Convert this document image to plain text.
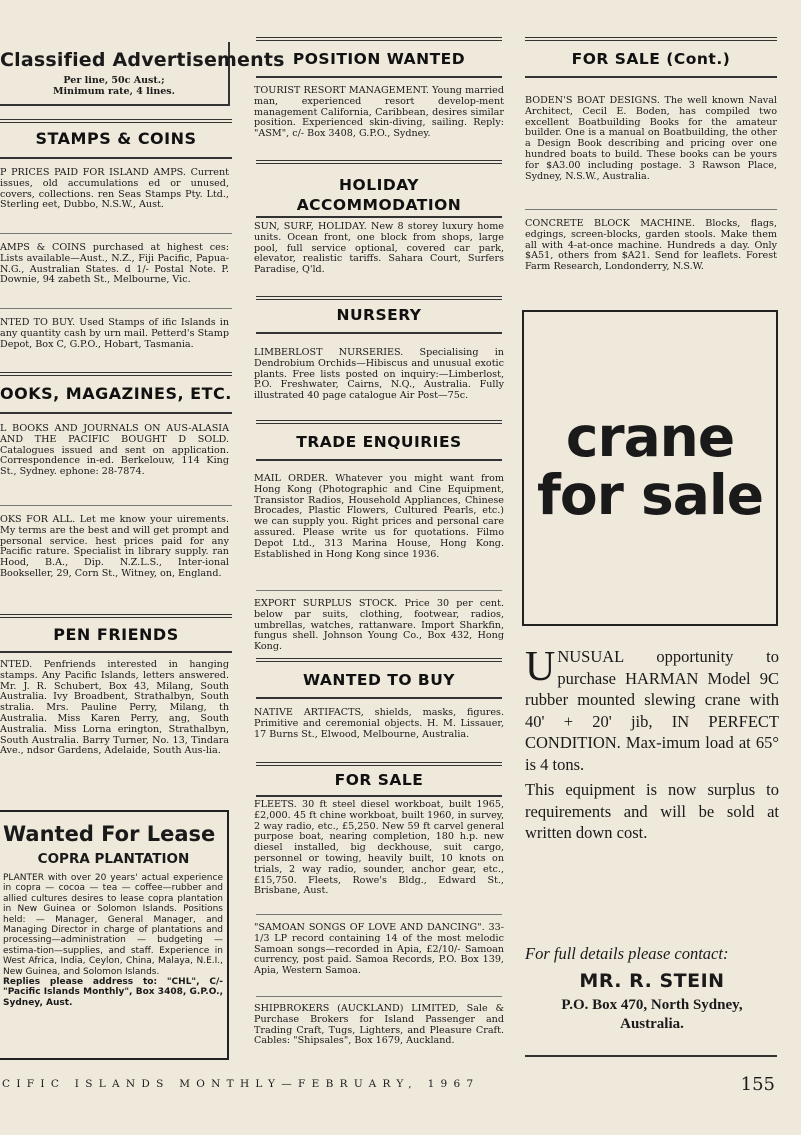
Classified Advertisements
Per line, 50c Aust.; Minimum rate, 4 lines.
STAMPS & COINS

P PRICES PAID FOR ISLAND AMPS. Current issues, old accumulations ed or unused, covers, collections. ren Seas Stamps Pty. Ltd., Sterling eet, Dubbo, N.S.W., Aust.

AMPS & COINS purchased at highest ces: Lists available—Aust., N.Z., Fiji Pacific, Papua-N.G., Australian States. d 1/- Postal Note. P. Downie, 94 zabeth St., Melbourne, Vic.

NTED TO BUY. Used Stamps of ific Islands in any quantity cash by urn mail. Petterd's Stamp Depot, Box C, G.P.O., Hobart, Tasmania.

OOKS, MAGAZINES, ETC.

L BOOKS AND JOURNALS ON AUS-ALASIA AND THE PACIFIC BOUGHT D SOLD. Catalogues issued and sent on application. Correspondence in-ed. Berkelouw, 114 King St., Sydney. ephone: 28-7874.

OKS FOR ALL. Let me know your uirements. My terms are the best and will get prompt and personal service. hest prices paid for any Pacific rature. Specialist in library supply. ran Hood, B.A., Dip. N.Z.L.S., Inter-ional Bookseller, 29, Corn St., Witney, on, England.

PEN FRIENDS

NTED. Penfriends interested in hanging stamps. Any Pacific Islands, letters answered. Mr. J. R. Schubert, Box 43, Milang, South Australia. Ivy Broadbent, Strathalbyn, South stralia. Mrs. Pauline Perry, Milang, th Australia. Miss Karen Perry, ang, South Australia. Miss Lorna erington, Strathalbyn, South Australia. Barry Turner, No. 13, Tindara Ave., ndsor Gardens, Adelaide, South Aus-lia.

Wanted For Lease
COPRA PLANTATION

PLANTER with over 20 years' actual experience in copra — cocoa — tea — coffee—rubber and allied cultures desires to lease copra plantation in New Guinea or Solomon Islands. Positions held: — Manager, General Manager, and Managing Director in charge of plantations and processing—administration — budgeting — estima-tion—supplies, and staff. Experience in West Africa, India, Ceylon, China, Malaya, N.E.I., New Guinea, and Solomon Islands.

Replies please address to: "CHL", C/- "Pacific Islands Monthly", Box 3408, G.P.O., Sydney, Aust.

POSITION WANTED

TOURIST RESORT MANAGEMENT. Young married man, experienced resort develop-ment management California, Caribbean, desires similar position. Experienced skin-diving, sailing. Reply: "ASM", c/- Box 3408, G.P.O., Sydney.

HOLIDAY
ACCOMMODATION

SUN, SURF, HOLIDAY. New 8 storey luxury home units. Ocean front, one block from shops, large pool, full service optional, covered car park, elevator, realistic tariffs. Sahara Court, Surfers Paradise, Q'ld.

NURSERY

LIMBERLOST NURSERIES. Specialising in Dendrobium Orchids—Hibiscus and unusual exotic plants. Free lists posted on inquiry:—Limberlost, P.O. Freshwater, Cairns, N.Q., Australia. Fully illustrated 40 page catalogue Air Post—75c.

TRADE ENQUIRIES

MAIL ORDER. Whatever you might want from Hong Kong (Photographic and Cine Equipment, Transistor Radios, Household Appliances, Chinese Brocades, Plastic Flowers, Cultured Pearls, etc.) we can supply you. Right prices and personal care assured. Please write us for quotations. Filmo Depot Ltd., 313 Marina House, Hong Kong. Established in Hong Kong since 1936.

EXPORT SURPLUS STOCK. Price 30 per cent. below par suits, clothing, footwear, radios, umbrellas, watches, rattanware. Import Sharkfin, fungus shell. Johnson Young Co., Box 432, Hong Kong.

WANTED TO BUY

NATIVE ARTIFACTS, shields, masks, figures. Primitive and ceremonial objects. H. M. Lissauer, 17 Burns St., Elwood, Melbourne, Australia.

FOR SALE

FLEETS. 30 ft steel diesel workboat, built 1965, £2,000. 45 ft chine workboat, built 1960, in survey, 2 way radio, etc., £5,250. New 59 ft carvel general purpose boat, nearing completion, 180 h.p. new diesel installed, big deckhouse, suit cargo, personnel or towing, heavily built, 10 knots on trials, 2 way radio, sounder, anchor gear, etc., £15,750. Fleets, Rowe's Bldg., Edward St., Brisbane, Aust.

"SAMOAN SONGS OF LOVE AND DANCING". 33-1/3 LP record containing 14 of the most melodic Samoan songs—recorded in Apia, £2/10/- Samoan currency, post paid. Samoa Records, P.O. Box 139, Apia, Western Samoa.

SHIPBROKERS (AUCKLAND) LIMITED, Sale & Purchase Brokers for Island Passenger and Trading Craft, Tugs, Lighters, and Pleasure Craft. Cables: "Shipsales", Box 1679, Auckland.

FOR SALE (Cont.)

BODEN'S BOAT DESIGNS. The well known Naval Architect, Cecil E. Boden, has compiled two excellent Boatbuilding Books for the amateur builder. One is a manual on Boatbuilding, the other a Design Book describing and pricing over one hundred boats to build. These books can be yours for $A3.00 including postage. 3 Rawson Place, Sydney, N.S.W., Australia.

CONCRETE BLOCK MACHINE. Blocks, flags, edgings, screen-blocks, garden stools. Make them all with 4-at-once machine. Hundreds a day. Only $A51, others from $A21. Send for leaflets. Forest Farm Research, Londonderry, N.S.W.

crane
for sale
UNUSUAL opportunity to purchase HARMAN Model 9C rubber mounted slewing crane with 40' + 20' jib, IN PERFECT CONDITION. Max-imum load at 65° is 4 tons.

This equipment is now surplus to requirements and will be sold at written down cost.

For full details please contact:
MR. R. STEIN
P.O. Box 470, North Sydney, Australia.
CIFIC ISLANDS MONTHLY—FEBRUARY, 1967	155
